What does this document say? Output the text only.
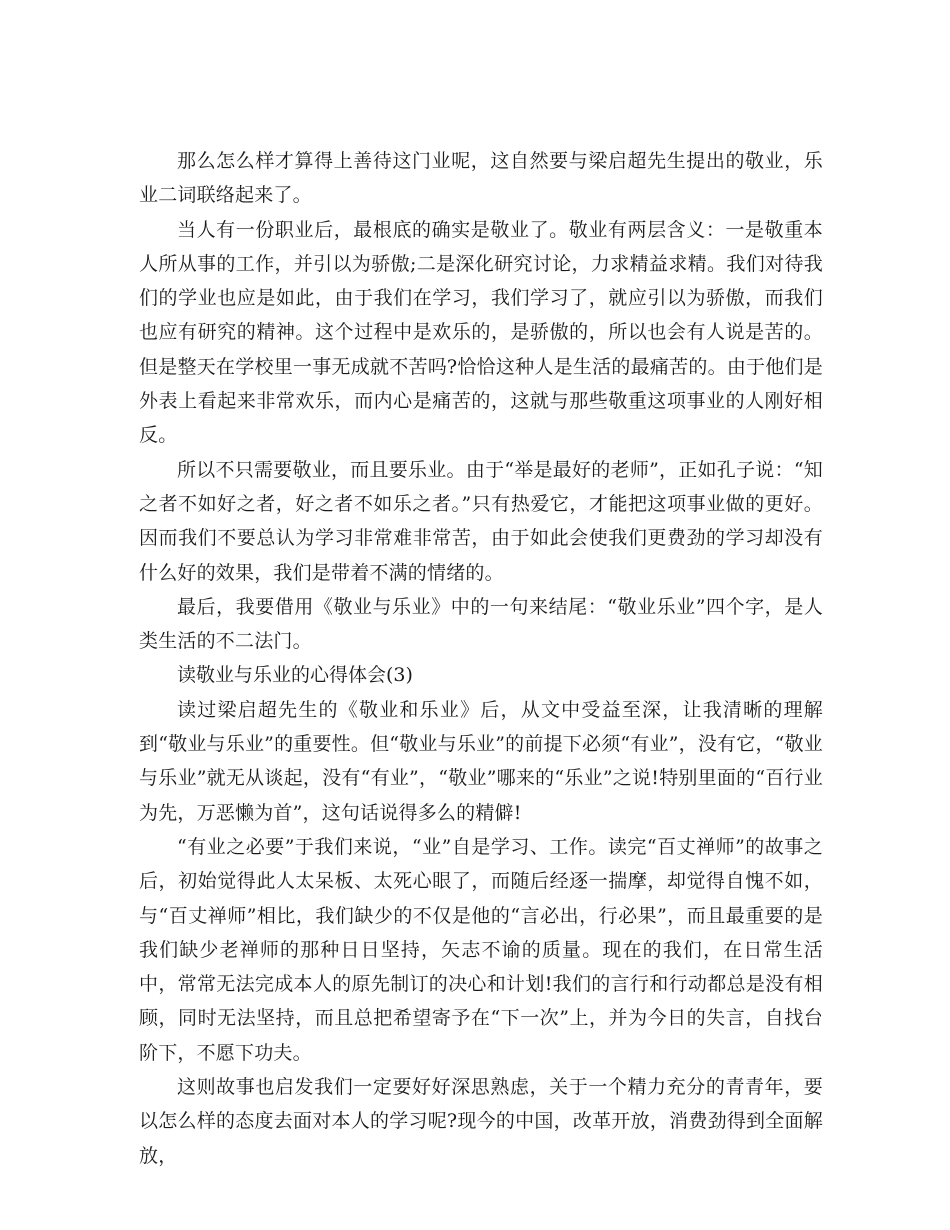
那么怎么样才算得上善待这门业呢，这自然要与梁启超先生提出的敬业，乐业二词联络起来了。

当人有一份职业后，最根底的确实是敬业了。敬业有两层含义：一是敬重本人所从事的工作，并引以为骄傲;二是深化研究讨论，力求精益求精。我们对待我们的学业也应是如此，由于我们在学习，我们学习了，就应引以为骄傲，而我们也应有研究的精神。这个过程中是欢乐的，是骄傲的，所以也会有人说是苦的。但是整天在学校里一事无成就不苦吗?恰恰这种人是生活的最痛苦的。由于他们是外表上看起来非常欢乐，而内心是痛苦的，这就与那些敬重这项事业的人刚好相反。

所以不只需要敬业，而且要乐业。由于“举是最好的老师”，正如孔子说：“知之者不如好之者，好之者不如乐之者。”只有热爱它，才能把这项事业做的更好。因而我们不要总认为学习非常难非常苦，由于如此会使我们更费劲的学习却没有什么好的效果，我们是带着不满的情绪的。

最后，我要借用《敬业与乐业》中的一句来结尾：“敬业乐业”四个字，是人类生活的不二法门。

读敬业与乐业的心得体会(3)

读过梁启超先生的《敬业和乐业》后，从文中受益至深，让我清晰的理解到“敬业与乐业”的重要性。但“敬业与乐业”的前提下必须“有业”，没有它，“敬业与乐业”就无从谈起，没有“有业”，“敬业”哪来的“乐业”之说!特别里面的“百行业为先，万恶懒为首”，这句话说得多么的精僻!

“有业之必要”于我们来说，“业”自是学习、工作。读完“百丈禅师”的故事之后，初始觉得此人太呆板、太死心眼了，而随后经逐一揣摩，却觉得自愧不如，与“百丈禅师”相比，我们缺少的不仅是他的“言必出，行必果”，而且最重要的是我们缺少老禅师的那种日日坚持，矢志不谕的质量。现在的我们，在日常生活中，常常无法完成本人的原先制订的决心和计划!我们的言行和行动都总是没有相顾，同时无法坚持，而且总把希望寄予在“下一次”上，并为今日的失言，自找台阶下，不愿下功夫。

这则故事也启发我们一定要好好深思熟虑，关于一个精力充分的青青年，要以怎么样的态度去面对本人的学习呢?现今的中国，改革开放，消费劲得到全面解放，
